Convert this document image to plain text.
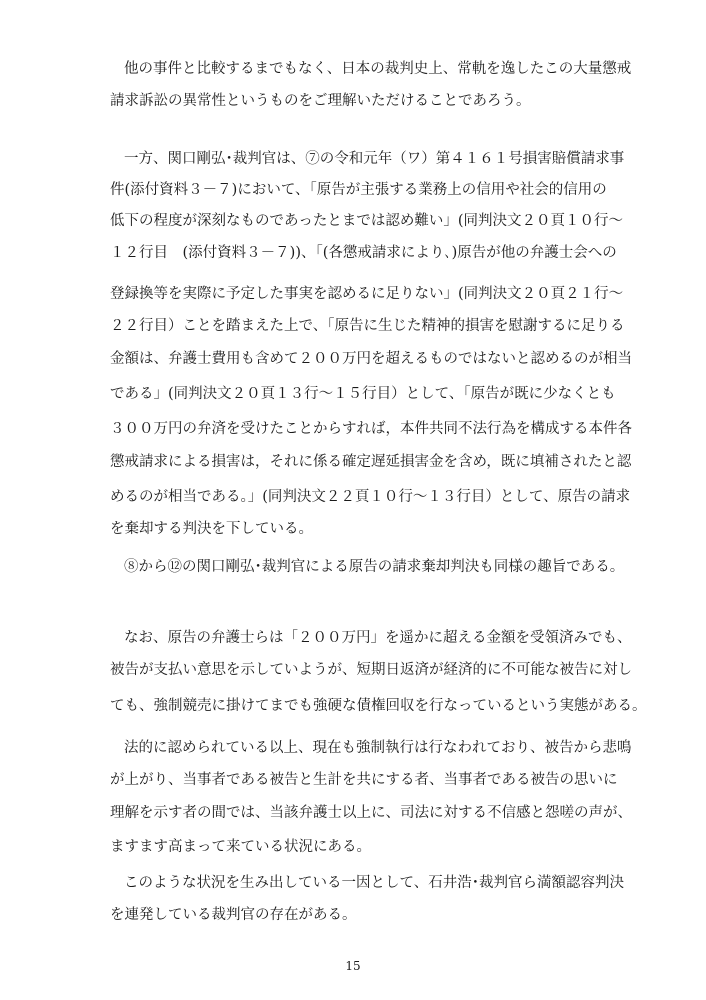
他の事件と比較するまでもなく、日本の裁判史上、常軌を逸したこの大量懲戒
請求訴訟の異常性というものをご理解いただけることであろう。
一方、関口剛弘･裁判官は、⑦の令和元年（ワ）第４１６１号損害賠償請求事
件(添付資料３－７)において、「原告が主張する業務上の信用や社会的信用の
低下の程度が深刻なものであったとまでは認め難い」(同判決文２０頁１０行～
１２行目　(添付資料３－７))、「(各懲戒請求により､)原告が他の弁護士会への
登録換等を実際に予定した事実を認めるに足りない」(同判決文２０頁２１行～
２２行目）ことを踏まえた上で、「原告に生じた精神的損害を慰謝するに足りる
金額は、弁護士費用も含めて２００万円を超えるものではないと認めるのが相当
である」(同判決文２０頁１３行～１５行目）として、「原告が既に少なくとも
３００万円の弁済を受けたことからすれば，本件共同不法行為を構成する本件各
懲戒請求による損害は，それに係る確定遅延損害金を含め，既に填補されたと認
めるのが相当である。」(同判決文２２頁１０行～１３行目）として、原告の請求
を棄却する判決を下している。
⑧から⑫の関口剛弘･裁判官による原告の請求棄却判決も同様の趣旨である。
なお、原告の弁護士らは「２００万円」を遥かに超える金額を受領済みでも、
被告が支払い意思を示していようが、短期日返済が経済的に不可能な被告に対し
ても、強制競売に掛けてまでも強硬な債権回収を行なっているという実態がある。
法的に認められている以上、現在も強制執行は行なわれており、被告から悲鳴
が上がり、当事者である被告と生計を共にする者、当事者である被告の思いに
理解を示す者の間では、当該弁護士以上に、司法に対する不信感と怨嗟の声が、
ますます高まって来ている状況にある。
このような状況を生み出している一因として、石井浩･裁判官ら満額認容判決
を連発している裁判官の存在がある。
15
